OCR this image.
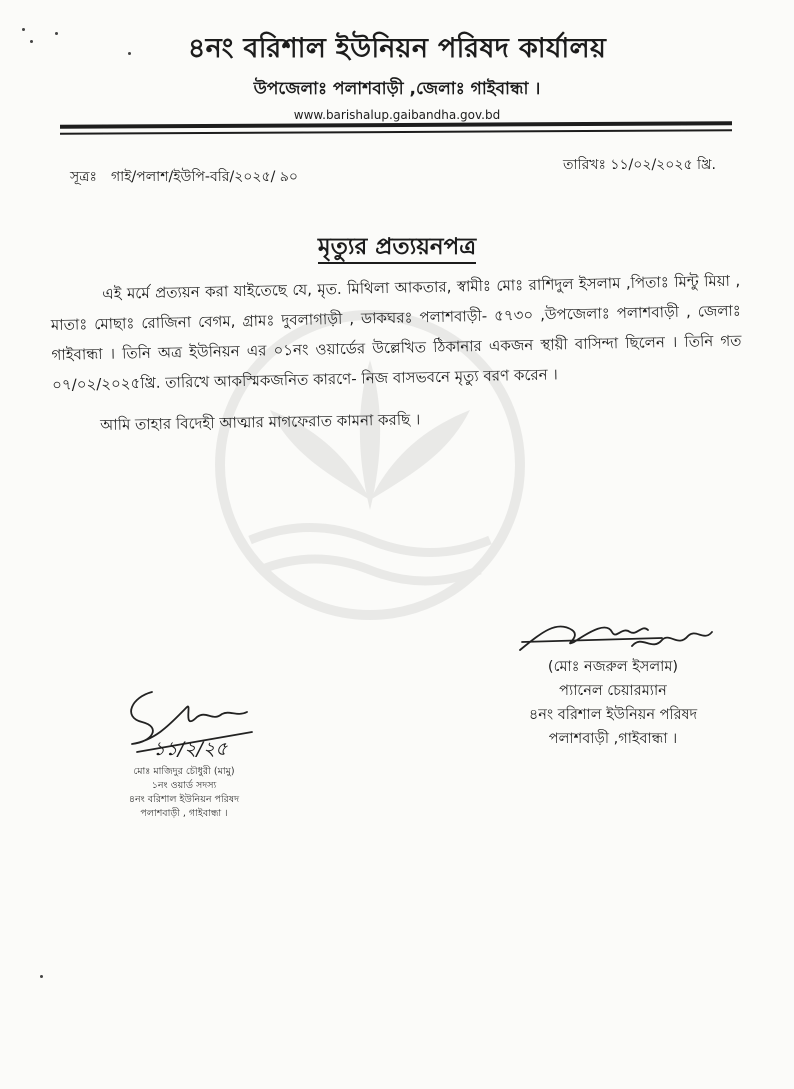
৪নং বরিশাল ইউনিয়ন পরিষদ কার্যালয়
উপজেলাঃ পলাশবাড়ী ,জেলাঃ গাইবান্ধা ।
www.barishalup.gaibandha.gov.bd
সূত্রঃ গাই/পলাশ/ইউপি-বরি/২০২৫/ ৯০
তারিখঃ ১১/০২/২০২৫ খ্রি.
মৃত্যুর প্রত্যয়নপত্র

এই মর্মে প্রত্যয়ন করা যাইতেছে যে, মৃত. মিথিলা আকতার, স্বামীঃ মোঃ রাশিদুল ইসলাম ,পিতাঃ মিন্টু মিয়া , মাতাঃ মোছাঃ রোজিনা বেগম, গ্রামঃ দুবলাগাড়ী , ডাকঘরঃ পলাশবাড়ী- ৫৭৩০ ,উপজেলাঃ পলাশবাড়ী , জেলাঃ গাইবান্ধা । তিনি অত্র ইউনিয়ন এর ০১নং ওয়ার্ডের উল্লেখিত ঠিকানার একজন স্থায়ী বাসিন্দা ছিলেন । তিনি গত ০৭/০২/২০২৫খ্রি. তারিখে আকস্মিকজনিত কারণে- নিজ বাসভবনে মৃত্যু বরণ করেন ।

আমি তাহার বিদেহী আত্মার মাগফেরাত কামনা করছি ।

(মোঃ নজরুল ইসলাম)
প্যানেল চেয়ারম্যান
৪নং বরিশাল ইউনিয়ন পরিষদ
পলাশবাড়ী ,গাইবান্ধা ।
১১/২/২৫
মোঃ মাজিদুর চৌধুরী (মামু)
১নং ওয়ার্ড সদস্য
৪নং বরিশাল ইউনিয়ন পরিষদ
পলাশবাড়ী , গাইবান্ধা ।
